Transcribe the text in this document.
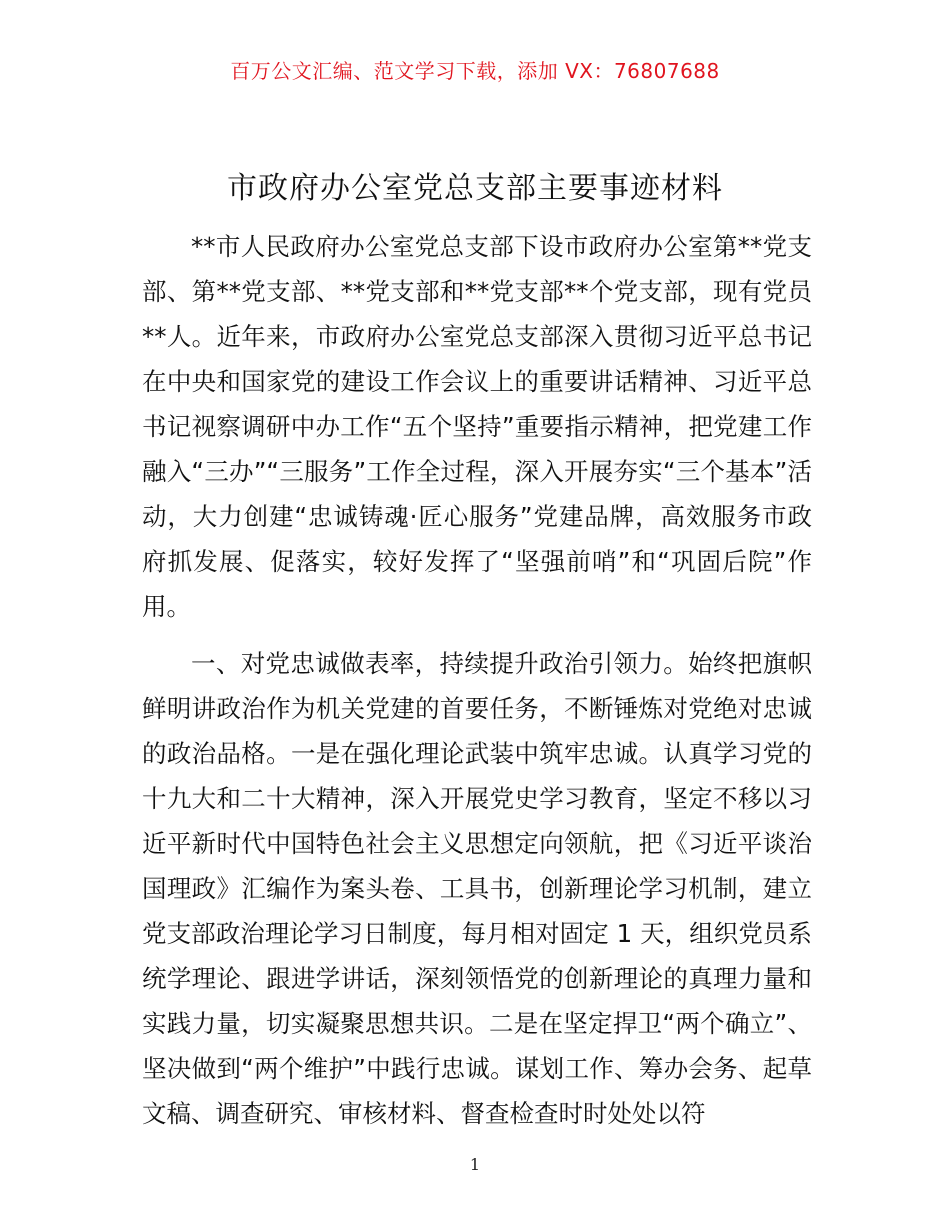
百万公文汇编、范文学习下载，添加 VX：76807688
市政府办公室党总支部主要事迹材料

**市人民政府办公室党总支部下设市政府办公室第**党支部、第**党支部、**党支部和**党支部**个党支部，现有党员**人。近年来，市政府办公室党总支部深入贯彻习近平总书记在中央和国家党的建设工作会议上的重要讲话精神、习近平总书记视察调研中办工作“五个坚持”重要指示精神，把党建工作融入“三办”“三服务”工作全过程，深入开展夯实“三个基本”活动，大力创建“忠诚铸魂·匠心服务”党建品牌，高效服务市政府抓发展、促落实，较好发挥了“坚强前哨”和“巩固后院”作用。

一、对党忠诚做表率，持续提升政治引领力。始终把旗帜鲜明讲政治作为机关党建的首要任务，不断锤炼对党绝对忠诚的政治品格。一是在强化理论武装中筑牢忠诚。认真学习党的十九大和二十大精神，深入开展党史学习教育，坚定不移以习近平新时代中国特色社会主义思想定向领航，把《习近平谈治国理政》汇编作为案头卷、工具书，创新理论学习机制，建立党支部政治理论学习日制度，每月相对固定 1 天，组织党员系统学理论、跟进学讲话，深刻领悟党的创新理论的真理力量和实践力量，切实凝聚思想共识。二是在坚定捍卫“两个确立”、坚决做到“两个维护”中践行忠诚。谋划工作、筹办会务、起草文稿、调查研究、审核材料、督查检查时时处处以符

1
